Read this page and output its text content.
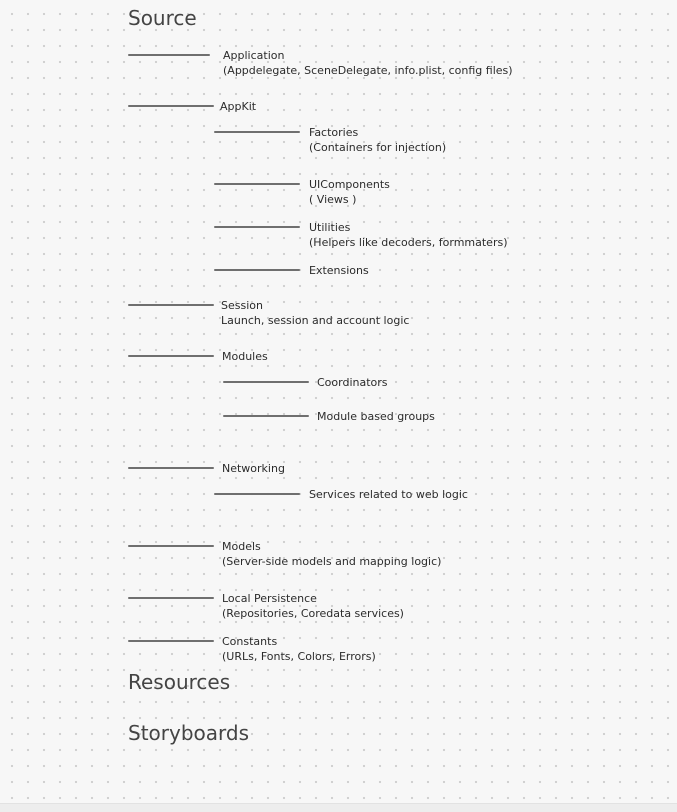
Source
Application
(Appdelegate, SceneDelegate, info.plist, config files)
AppKit
Factories
(Containers for injection)
UIComponents
( Views )
Utilities
(Helpers like decoders, formmaters)
Extensions
Session
Launch, session and account logic
Modules
Coordinators
Module based groups
Networking
Services related to web logic
Models
(Server-side models and mapping logic)
Local Persistence
(Repositories, Coredata services)
Constants
(URLs, Fonts, Colors, Errors)
Resources
Storyboards
